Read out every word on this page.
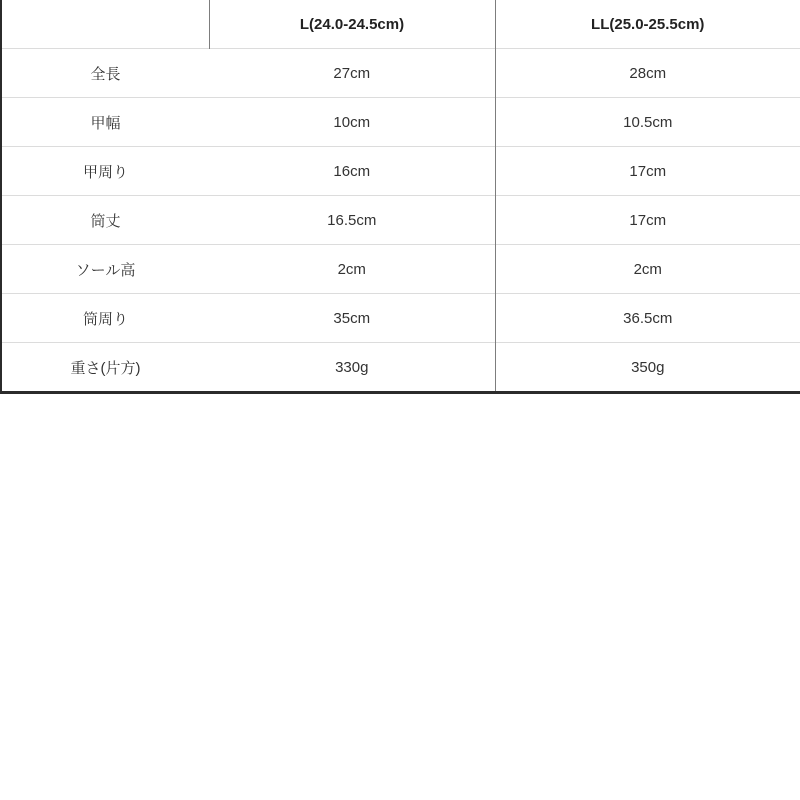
	L(24.0-24.5cm)	LL(25.0-25.5cm)
全長	27cm	28cm
甲幅	10cm	10.5cm
甲周り	16cm	17cm
筒丈	16.5cm	17cm
ソール高	2cm	2cm
筒周り	35cm	36.5cm
重さ(片方)	330g	350g
